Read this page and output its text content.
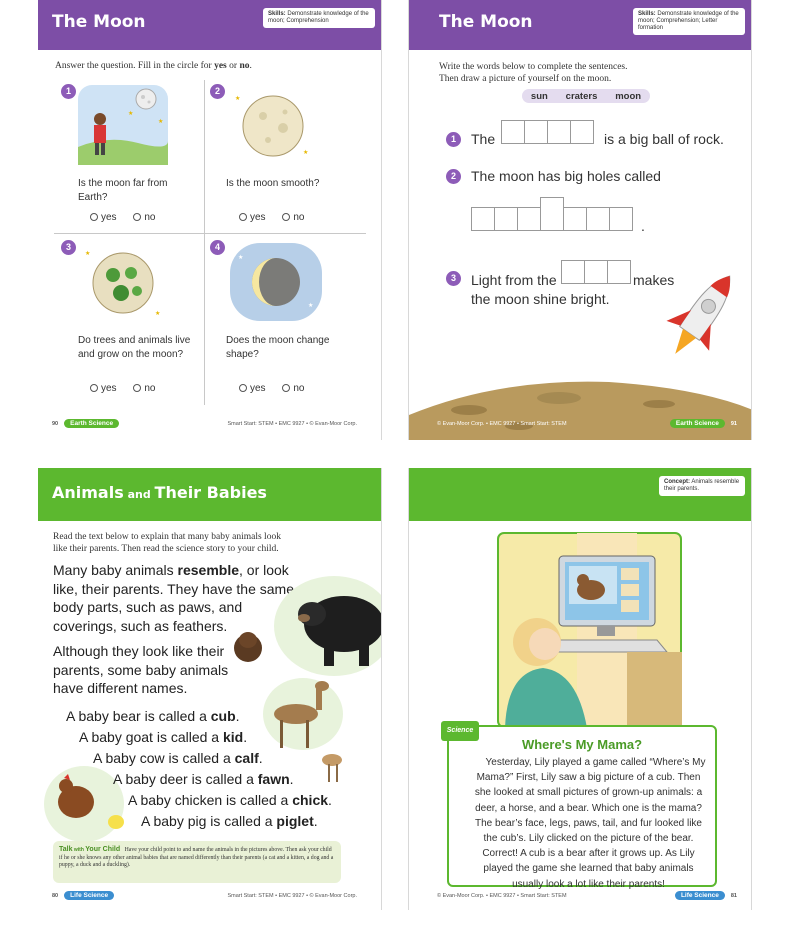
The Moon	Skills: Demonstrate knowledge of the moon; Comprehension
Answer the question. Fill in the circle for yes or no.
1
★
★
Is the moon far from Earth?
yes	no
2
★
★
Is the moon smooth?
yes	no
3
★
★
Do trees and animals live and grow on the moon?
yes	no
4
★
★
Does the moon change shape?
yes	no
90 Earth Science	Smart Start: STEM • EMC 9927 • © Evan-Moor Corp.
The Moon	Skills: Demonstrate knowledge of the moon; Comprehension; Letter formation
Write the words below to complete the sentences.
Then draw a picture of yourself on the moon.
sun craters moon
1	The	is a big ball of rock.
2	The moon has big holes called
.
3	Light from the	makes
the moon shine bright.
© Evan-Moor Corp. • EMC 9927 • Smart Start: STEM	Earth Science 91
Animals and Their Babies
Read the text below to explain that many baby animals look
like their parents. Then read the science story to your child.
Many baby animals resemble, or look like, their parents. They have the same body parts, such as paws, and coverings, such as feathers.
Although they look like their parents, some baby animals have different names.
A baby bear is called a cub.
A baby goat is called a kid.
A baby cow is called a calf.
A baby deer is called a fawn.
A baby chicken is called a chick.
A baby pig is called a piglet.
Talk with Your Child Have your child point to and name the animals in the pictures above. Then ask your child if he or she knows any other animal babies that are named differently than their parents (a cat and a kitten, a dog and a puppy, a duck and a duckling).
80 Life Science	Smart Start: STEM • EMC 9927 • © Evan-Moor Corp.
Concept: Animals resemble their parents.
Science
Where's My Mama?
Yesterday, Lily played a game called “Where’s My Mama?” First, Lily saw a big picture of a cub. Then she looked at small pictures of grown-up animals: a deer, a horse, and a bear. Which one is the mama? The bear’s face, legs, paws, tail, and fur looked like the cub’s. Lily clicked on the picture of the bear. Correct! A cub is a bear after it grows up. As Lily played the game she learned that baby animals usually look a lot like their parents!
© Evan-Moor Corp. • EMC 9927 • Smart Start: STEM	Life Science 81
